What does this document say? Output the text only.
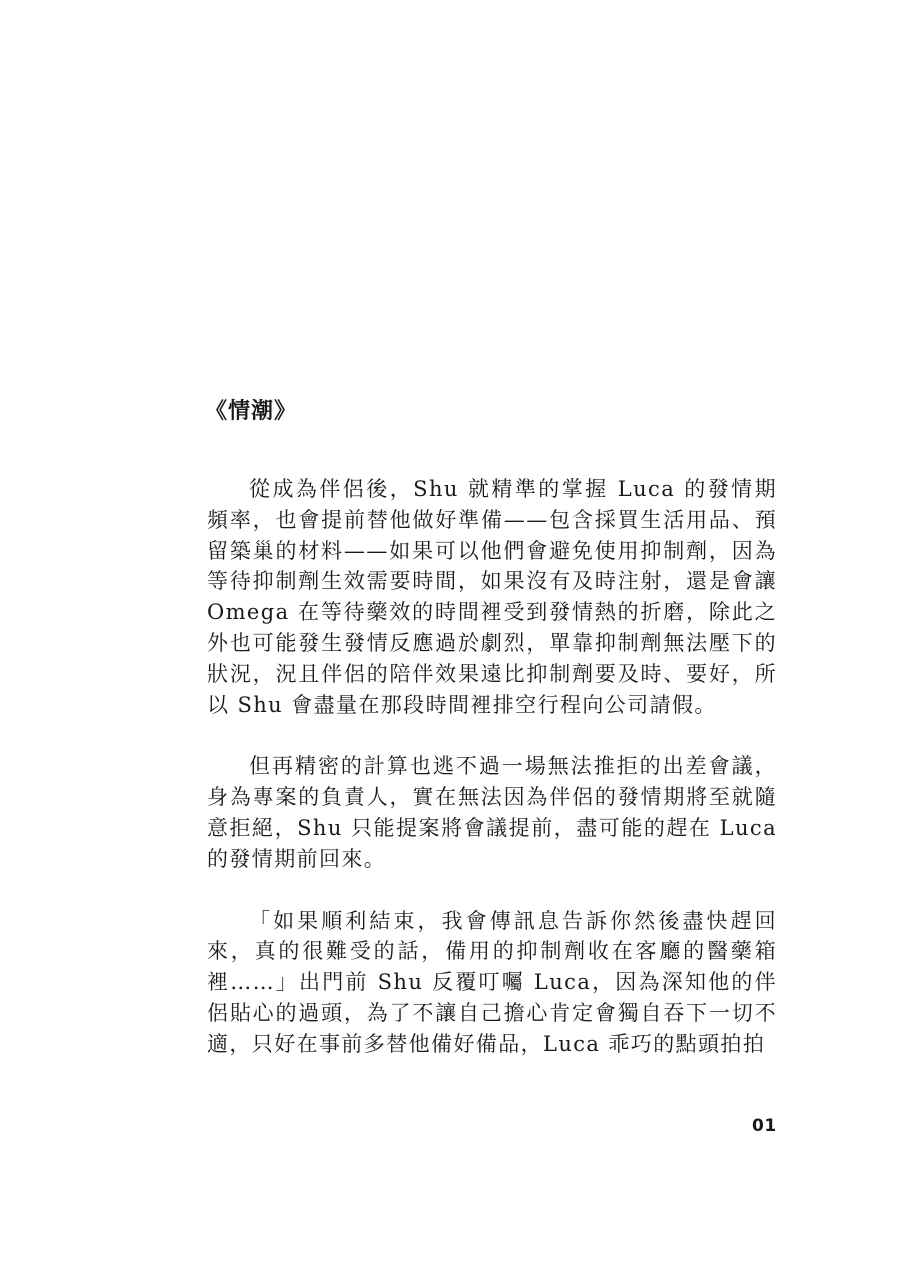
《情潮》

從成為伴侶後，Shu 就精準的掌握 Luca 的發情期頻率，也會提前替他做好準備——包含採買生活用品、預留築巢的材料——如果可以他們會避免使用抑制劑，因為等待抑制劑生效需要時間，如果沒有及時注射，還是會讓 Omega 在等待藥效的時間裡受到發情熱的折磨，除此之外也可能發生發情反應過於劇烈，單靠抑制劑無法壓下的狀況，況且伴侶的陪伴效果遠比抑制劑要及時、要好，所以 Shu 會盡量在那段時間裡排空行程向公司請假。

但再精密的計算也逃不過一場無法推拒的出差會議，身為專案的負責人，實在無法因為伴侶的發情期將至就隨意拒絕，Shu 只能提案將會議提前，盡可能的趕在 Luca 的發情期前回來。

「如果順利結束，我會傳訊息告訴你然後盡快趕回來，真的很難受的話，備用的抑制劑收在客廳的醫藥箱裡……」出門前 Shu 反覆叮囑 Luca，因為深知他的伴侶貼心的過頭，為了不讓自己擔心肯定會獨自吞下一切不適，只好在事前多替他備好備品，Luca 乖巧的點頭拍拍

01
